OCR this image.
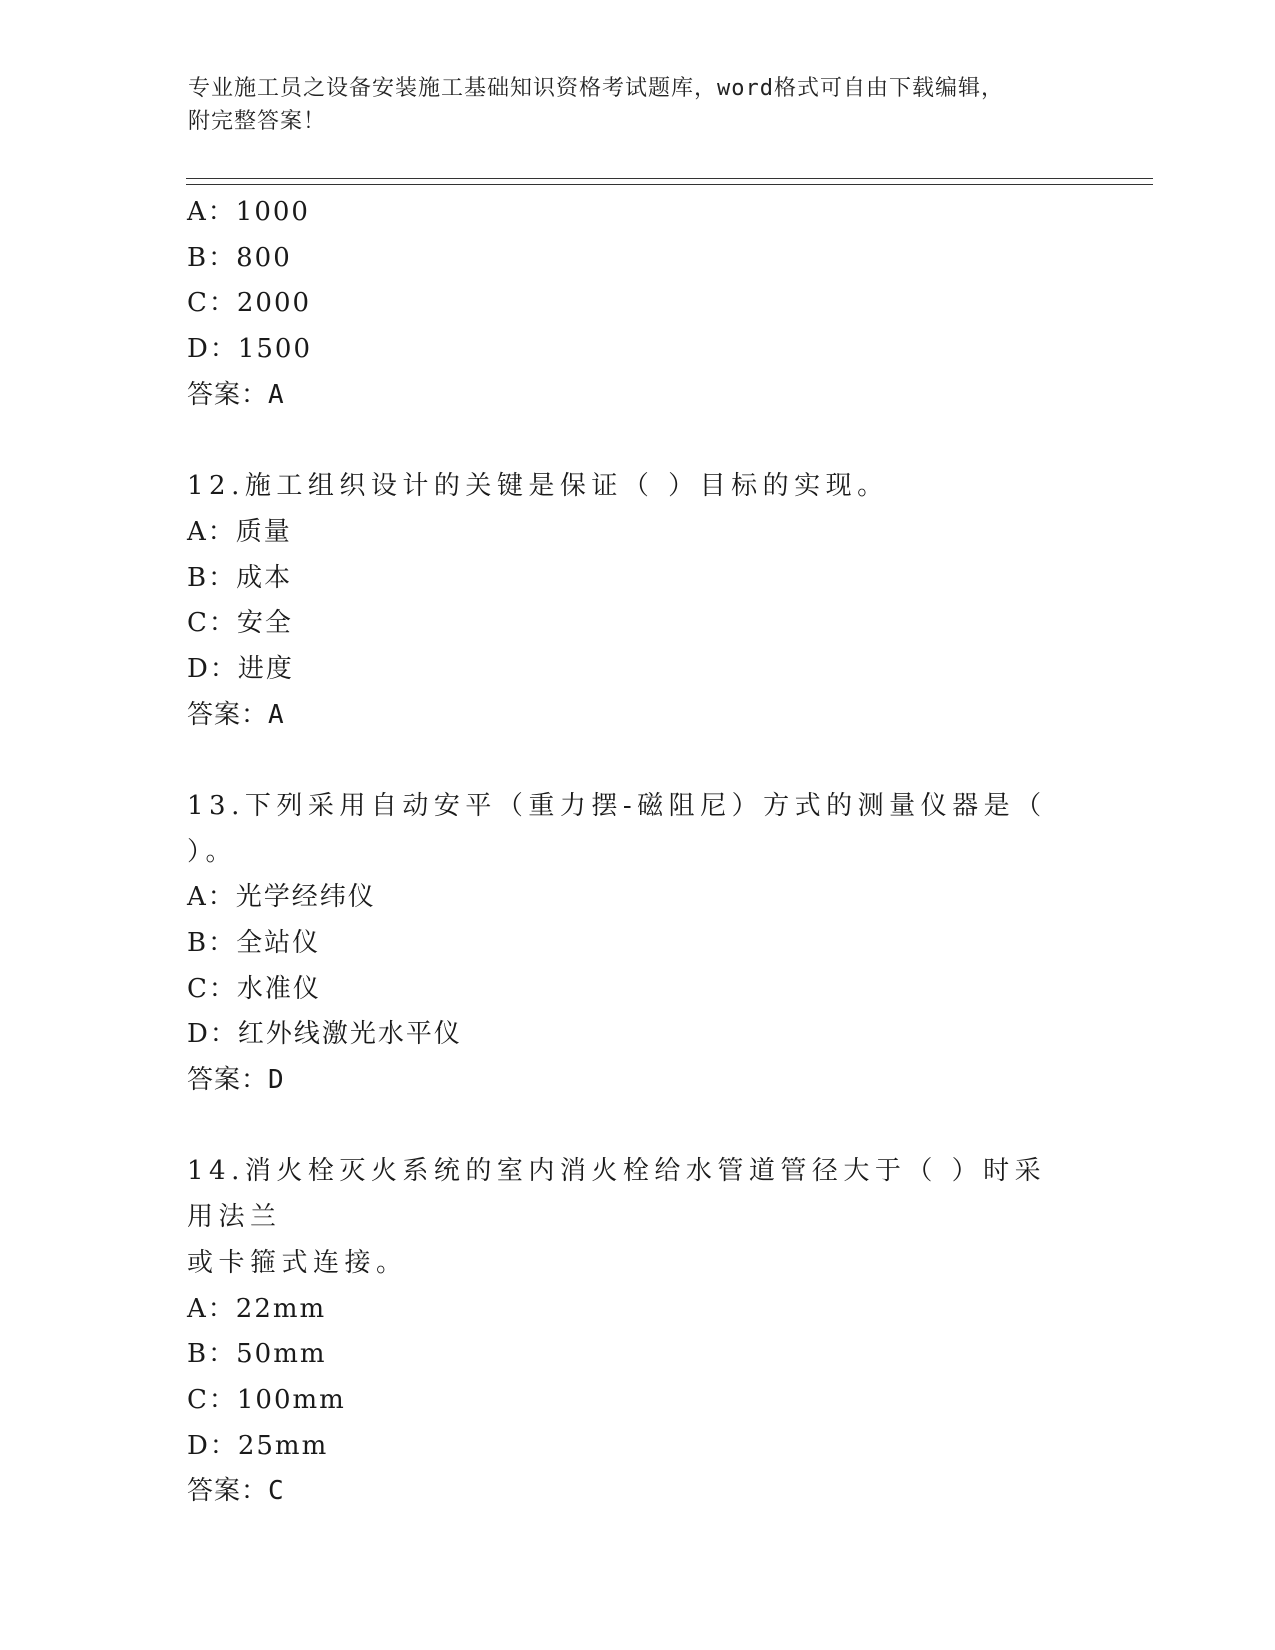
专业施工员之设备安装施工基础知识资格考试题库，word格式可自由下载编辑，
附完整答案！
A：1000
B：800
C：2000
D：1500
答案：A
12.施工组织设计的关键是保证（ ）目标的实现。
A：质量
B：成本
C：安全
D：进度
答案：A
13.下列采用自动安平（重力摆-磁阻尼）方式的测量仪器是（ ）。
A：光学经纬仪
B：全站仪
C：水准仪
D：红外线激光水平仪
答案：D
14.消火栓灭火系统的室内消火栓给水管道管径大于（ ）时采用法兰
或卡箍式连接。
A：22mm
B：50mm
C：100mm
D：25mm
答案：C
